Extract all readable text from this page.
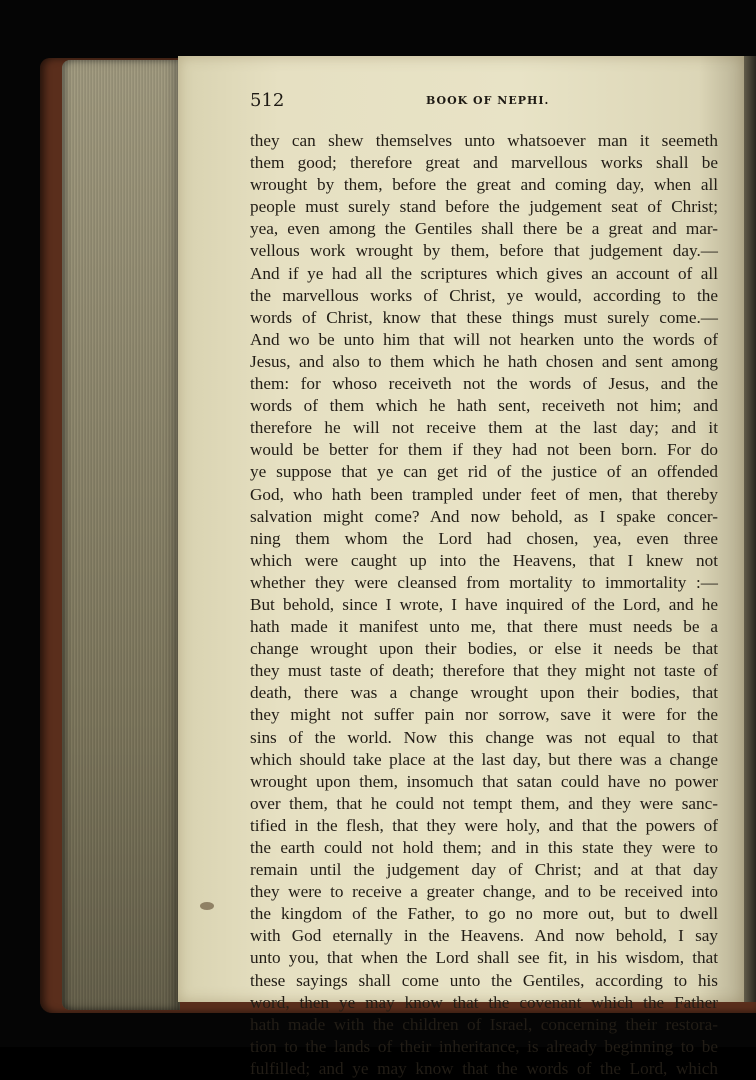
512	BOOK OF NEPHI.
they can shew themselves unto whatsoever man it seemeth
them good; therefore great and marvellous works shall be
wrought by them, before the great and coming day, when all
people must surely stand before the judgement seat of Christ;
yea, even among the Gentiles shall there be a great and mar-
vellous work wrought by them, before that judgement day.—
And if ye had all the scriptures which gives an account of all
the marvellous works of Christ, ye would, according to the
words of Christ, know that these things must surely come.—
And wo be unto him that will not hearken unto the words of
Jesus, and also to them which he hath chosen and sent among
them: for whoso receiveth not the words of Jesus, and the
words of them which he hath sent, receiveth not him; and
therefore he will not receive them at the last day; and it
would be better for them if they had not been born. For do
ye suppose that ye can get rid of the justice of an offended
God, who hath been trampled under feet of men, that thereby
salvation might come? And now behold, as I spake concer-
ning them whom the Lord had chosen, yea, even three
which were caught up into the Heavens, that I knew not
whether they were cleansed from mortality to immortality :—
But behold, since I wrote, I have inquired of the Lord, and he
hath made it manifest unto me, that there must needs be a
change wrought upon their bodies, or else it needs be that
they must taste of death; therefore that they might not taste of
death, there was a change wrought upon their bodies, that
they might not suffer pain nor sorrow, save it were for the
sins of the world. Now this change was not equal to that
which should take place at the last day, but there was a change
wrought upon them, insomuch that satan could have no power
over them, that he could not tempt them, and they were sanc-
tified in the flesh, that they were holy, and that the powers of
the earth could not hold them; and in this state they were to
remain until the judgement day of Christ; and at that day
they were to receive a greater change, and to be received into
the kingdom of the Father, to go no more out, but to dwell
with God eternally in the Heavens. And now behold, I say
unto you, that when the Lord shall see fit, in his wisdom, that
these sayings shall come unto the Gentiles, according to his
word, then ye may know that the covenant which the Father
hath made with the children of Israel, concerning their restora-
tion to the lands of their inheritance, is already beginning to be
fulfilled; and ye may know that the words of the Lord, which
